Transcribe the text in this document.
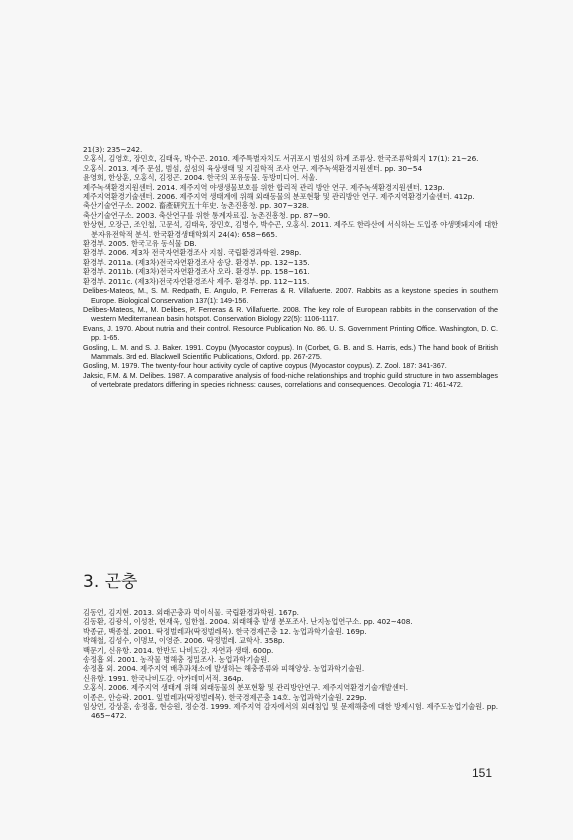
21(3): 235~242.
오홍식, 김영호, 장민호, 김태욱, 박수곤. 2010. 제주특별자치도 서귀포시 범섬의 하계 조류상. 한국조류학회지 17(1): 21~26.
오홍식. 2013. 제주 문섬, 범섬, 섶섬의 육상생태 및 지질학적 조사 연구. 제주녹색환경지원센터. pp. 30~54
윤영희, 한상훈, 오홍식, 김정곤. 2004. 한국의 포유동물. 동방미디어. 서울.
제주녹색환경지원센터. 2014. 제주지역 야생생물보호를 위한 합리적 관리 방안 연구. 제주녹색환경지원센터. 123p.
제주지역환경기술센터. 2006. 제주지역 생태계에 위해 외래동물의 분포현황 및 관리방안 연구. 제주지역환경기술센터. 412p.
축산기술연구소. 2002. 畜產研究五十年史. 농촌진흥청. pp. 307~328.
축산기술연구소. 2003. 축산연구를 위한 통계자료집. 농촌진흥청. pp. 87~90.
한상현, 오장근, 조인철, 고문석, 김태욱, 장민호, 김병수, 박수곤, 오홍식. 2011. 제주도 한라산에 서식하는 도입종 야생멧돼지에 대한 분자유전학적 분석. 한국환경생태학회지 24(4): 658~665.
환경부. 2005. 한국고유 동식물 DB.
환경부. 2006. 제3차 전국자연환경조사 지침. 국립환경과학원. 298p.
환경부. 2011a. (제3차)전국자연환경조사 송당. 환경부. pp. 132~135.
환경부. 2011b. (제3차)전국자연환경조사 오라. 환경부. pp. 158~161.
환경부. 2011c. (제3차)전국자연환경조사 제주. 환경부. pp. 112~115.
Delibes-Mateos, M., S. M. Redpath, E. Angulo, P. Ferreras & R. Villafuerte. 2007. Rabbits as a keystone species in southern Europe. Biological Conservation 137(1): 149-156.
Delibes-Mateos, M., M. Delibes, P. Ferreras & R. Villafuerte. 2008. The key role of European rabbits in the conservation of the western Mediterranean basin hotspot. Conservation Biology 22(5): 1106-1117.
Evans, J. 1970. About nutria and their control. Resource Publication No. 86. U. S. Government Printing Office. Washington, D. C. pp. 1-65.
Gosling, L. M. and S. J. Baker. 1991. Coypu (Myocastor coypus). In (Corbet, G. B. and S. Harris, eds.) The hand book of British Mammals. 3rd ed. Blackwell Scientific Publications, Oxford. pp. 267-275.
Gosling, M. 1979. The twenty-four hour activity cycle of captive coypus (Myocastor coypus). Z. Zool. 187: 341-367.
Jaksic, F.M. & M. Delibes. 1987. A comparative analysis of food-niche relationships and trophic guild structure in two assemblages of vertebrate predators differing in species richness: causes, correlations and consequences. Oecologia 71: 461-472.
3. 곤충
김동언, 김지현. 2013. 외래곤충과 먹이식물. 국립환경과학원. 167p.
김동환, 김광식, 이성찬, 현재욱, 임한철. 2004. 외래해충 발생 분포조사. 난지농업연구소. pp. 402~408.
박종균, 백종철. 2001. 딱정벌레과(딱정벌레목). 한국경제곤충 12. 농업과학기술원. 169p.
박해철, 김성수, 이명보, 이영준. 2006. 딱정벌레. 교학사. 358p.
백문기, 신유항. 2014. 한반도 나비도감. 자연과 생태. 600p.
송정흡 외. 2001. 농작물 병해충 정밀조사. 농업과학기술원.
송정흡 외. 2004. 제주지역 배추과채소에 발생하는 해충종류와 피해양상. 농업과학기술원.
신유항. 1991. 한국나비도감. 아카데미서적. 364p.
오홍식. 2006. 제주지역 생태계 위해 외래동물의 분포현황 및 관리방안연구. 제주지역환경기술개발센터.
이종은, 안승락. 2001. 잎벌레과(딱정벌레목). 한국경제곤충 14호. 농업과학기술원. 229p.
임상언, 강상훈, 송정흡, 현승원, 정순경. 1999. 제주지역 감자에서의 외래침입 및 문제해충에 대한 방제시험. 제주도농업기술원. pp. 465~472.
151
